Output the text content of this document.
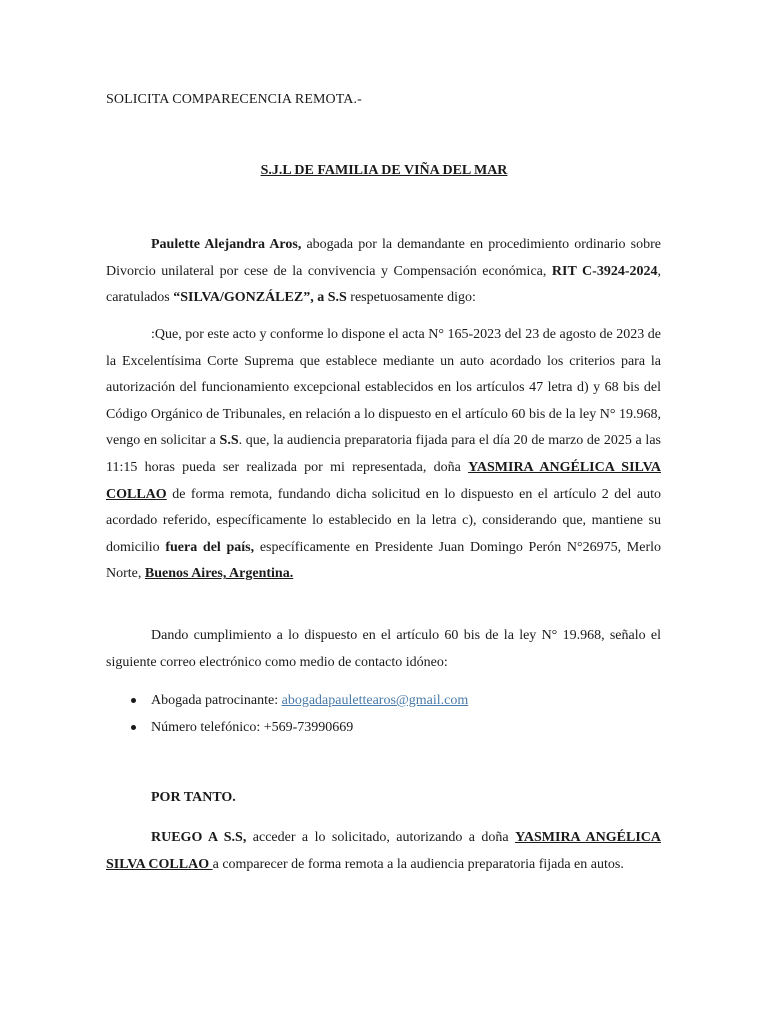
SOLICITA COMPARECENCIA REMOTA.-
S.J.L DE FAMILIA DE VIÑA DEL MAR
Paulette Alejandra Aros, abogada por la demandante en procedimiento ordinario sobre Divorcio unilateral por cese de la convivencia y Compensación económica, RIT C-3924-2024, caratulados “SILVA/GONZÁLEZ”, a S.S respetuosamente digo:
:Que, por este acto y conforme lo dispone el acta N° 165-2023 del 23 de agosto de 2023 de la Excelentísima Corte Suprema que establece mediante un auto acordado los criterios para la autorización del funcionamiento excepcional establecidos en los artículos 47 letra d) y 68 bis del Código Orgánico de Tribunales, en relación a lo dispuesto en el artículo 60 bis de la ley N° 19.968, vengo en solicitar a S.S. que, la audiencia preparatoria fijada para el día 20 de marzo de 2025 a las 11:15 horas pueda ser realizada por mi representada, doña YASMIRA ANGÉLICA SILVA COLLAO de forma remota, fundando dicha solicitud en lo dispuesto en el artículo 2 del auto acordado referido, específicamente lo establecido en la letra c), considerando que, mantiene su domicilio fuera del país, específicamente en Presidente Juan Domingo Perón N°26975, Merlo Norte, Buenos Aires, Argentina.
Dando cumplimiento a lo dispuesto en el artículo 60 bis de la ley N° 19.968, señalo el siguiente correo electrónico como medio de contacto idóneo:
Abogada patrocinante: abogadapaulettearos@gmail.com
Número telefónico: +569-73990669
POR TANTO.
RUEGO A S.S, acceder a lo solicitado, autorizando a doña YASMIRA ANGÉLICA SILVA COLLAO a comparecer de forma remota a la audiencia preparatoria fijada en autos.
